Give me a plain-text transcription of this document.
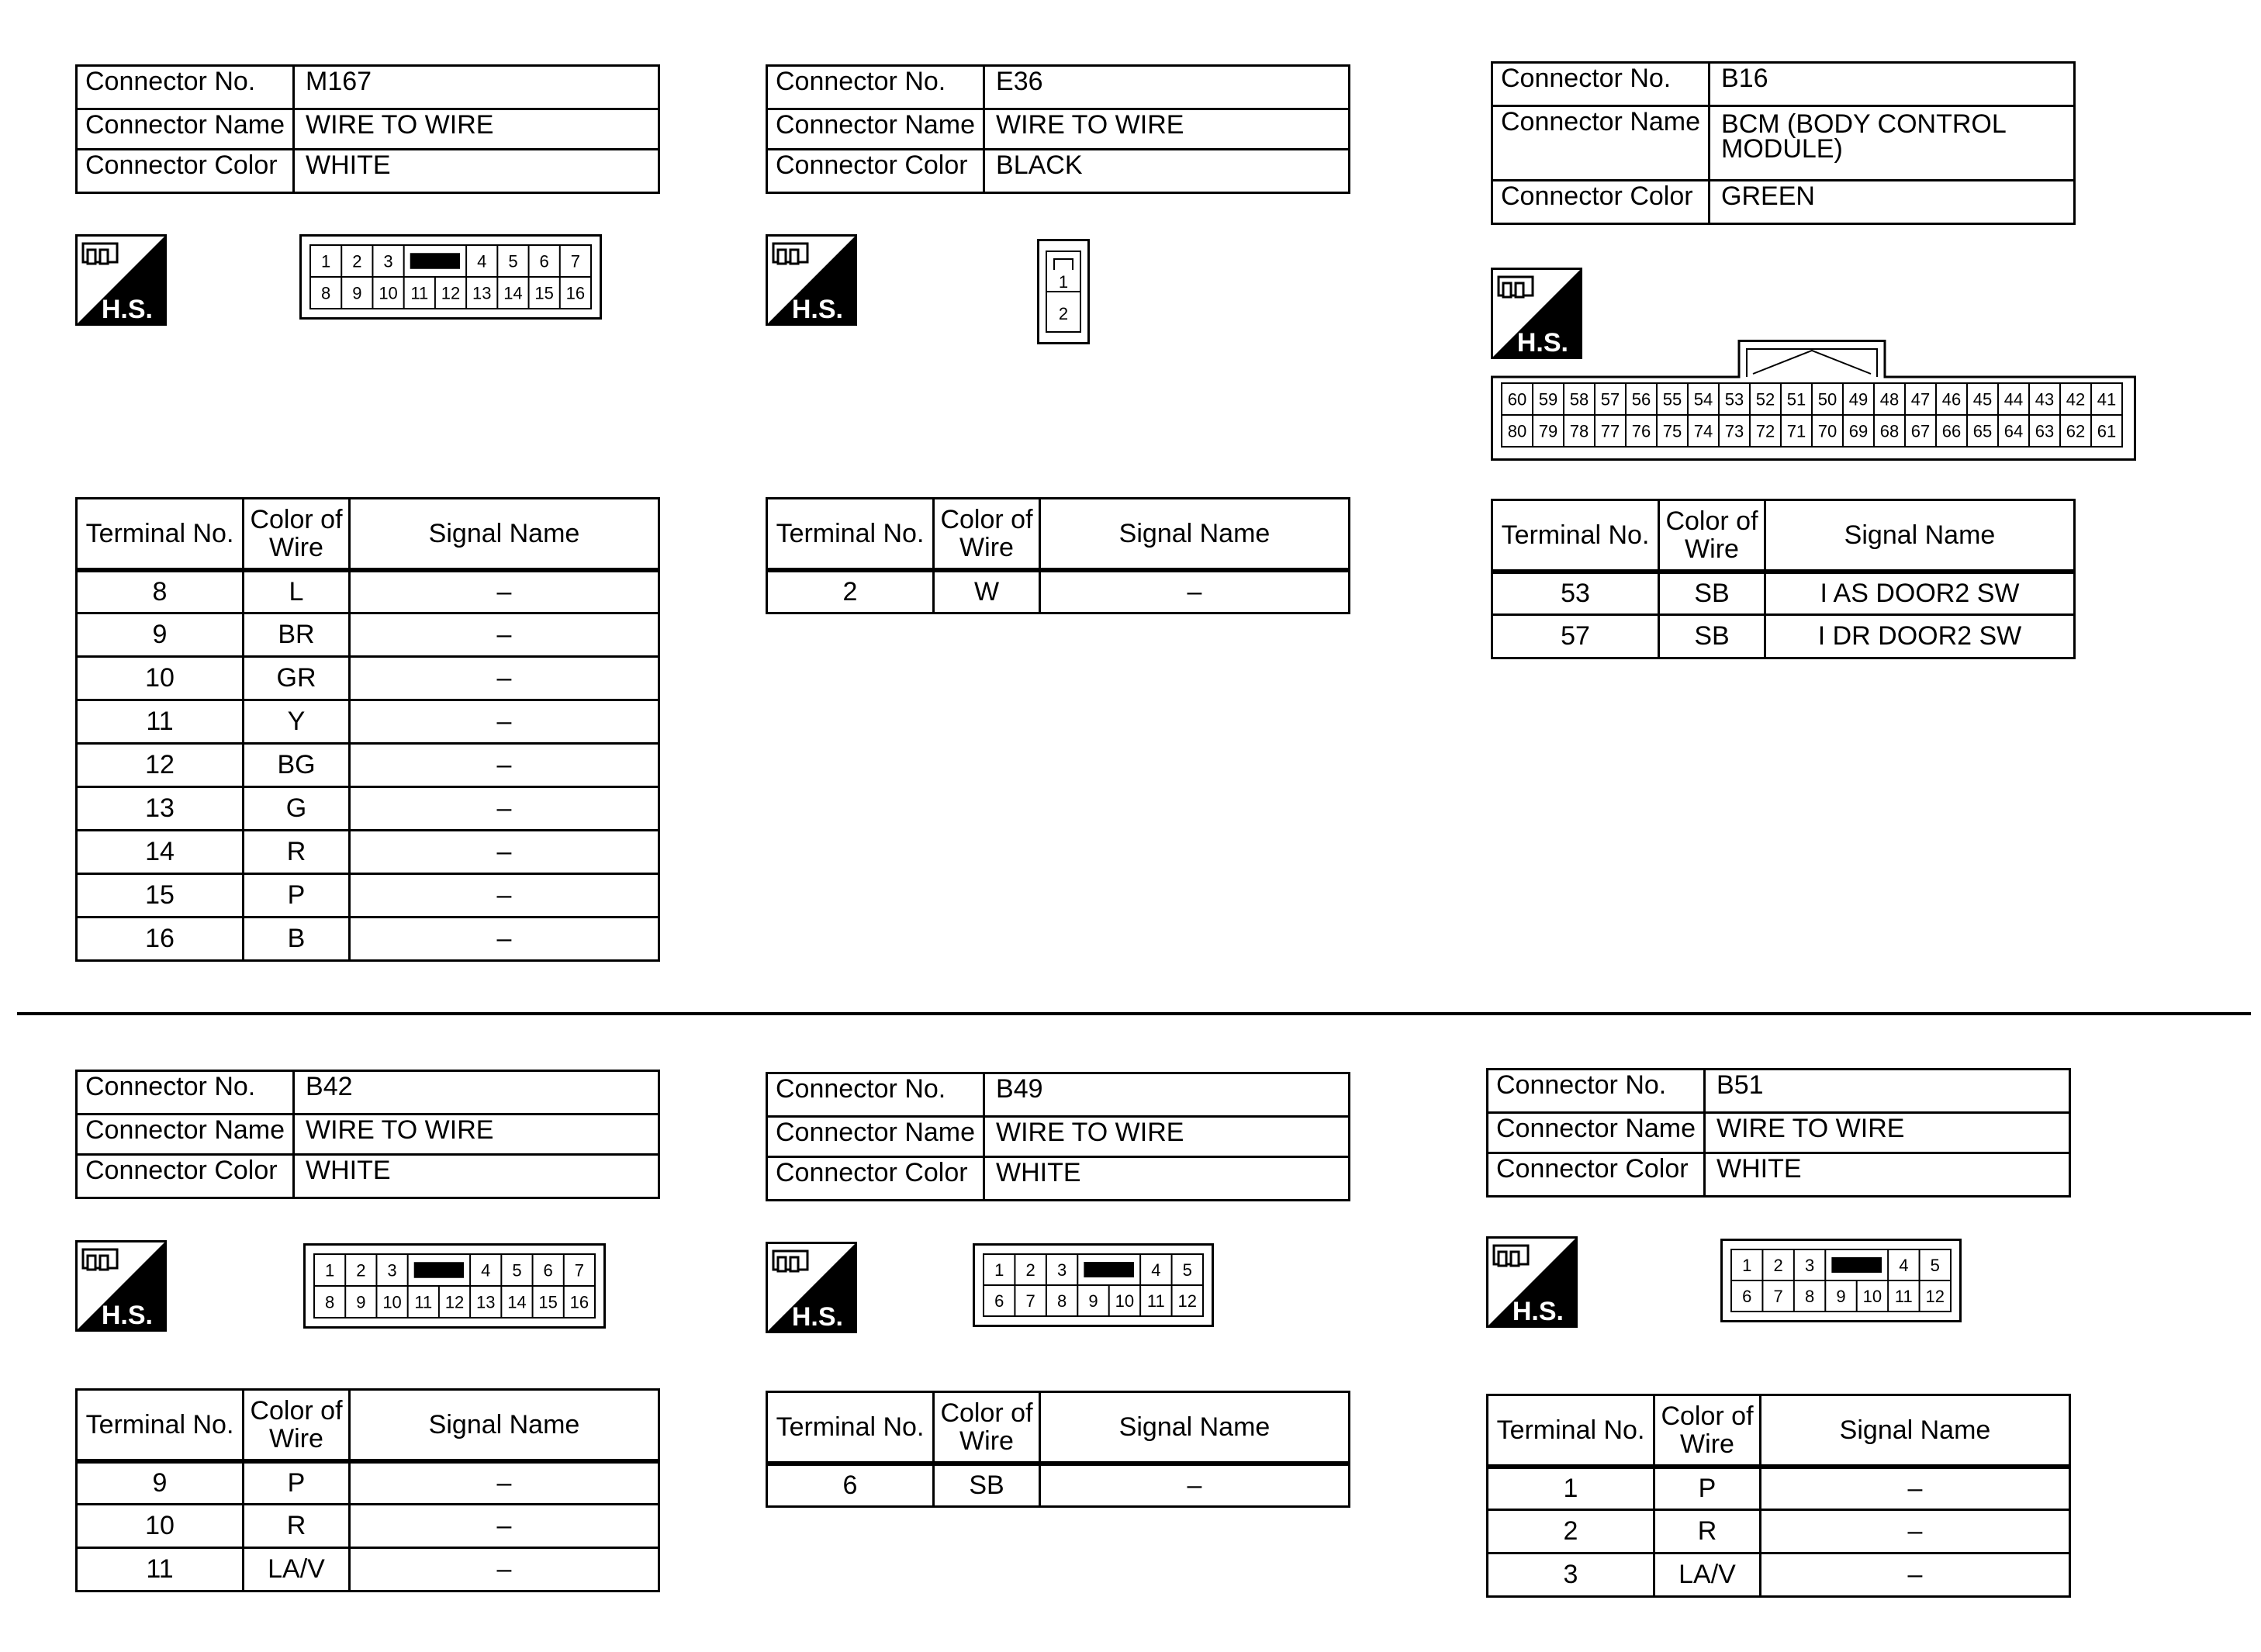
Connector No.	M167
Connector Name	WIRE TO WIRE
Connector Color	WHITE
H.S.
1 2 3	4 5 6 7
8 9 10 11 12 13 14 15 16
Terminal No.	Color of Wire	Signal Name
8	L	–
9	BR	–
10	GR	–
11	Y	–
12	BG	–
13	G	–
14	R	–
15	P	–
16	B	–
Connector No.	E36
Connector Name	WIRE TO WIRE
Connector Color	BLACK
H.S.
1
2
Terminal No.	Color of Wire	Signal Name
2	W	–
Connector No.	B16
Connector Name	BCM (BODY CONTROL MODULE)
Connector Color	GREEN
H.S.
60 59 58 57 56 55 54 53 52 51 50 49 48 47 46 45 44 43 42 41
80 79 78 77 76 75 74 73 72 71 70 69 68 67 66 65 64 63 62 61
Terminal No.	Color of Wire	Signal Name
53	SB	I AS DOOR2 SW
57	SB	I DR DOOR2 SW
Connector No.	B42
Connector Name	WIRE TO WIRE
Connector Color	WHITE
H.S.
1 2 3	4 5 6 7
8 9 10 11 12 13 14 15 16
Terminal No.	Color of Wire	Signal Name
9	P	–
10	R	–
11	LA/V	–
Connector No.	B49
Connector Name	WIRE TO WIRE
Connector Color	WHITE
H.S.
1 2 3	4 5
6 7 8 9 10 11 12
Terminal No.	Color of Wire	Signal Name
6	SB	–
Connector No.	B51
Connector Name	WIRE TO WIRE
Connector Color	WHITE
H.S.
1 2 3	4 5
6 7 8 9 10 11 12
Terminal No.	Color of Wire	Signal Name
1	P	–
2	R	–
3	LA/V	–
